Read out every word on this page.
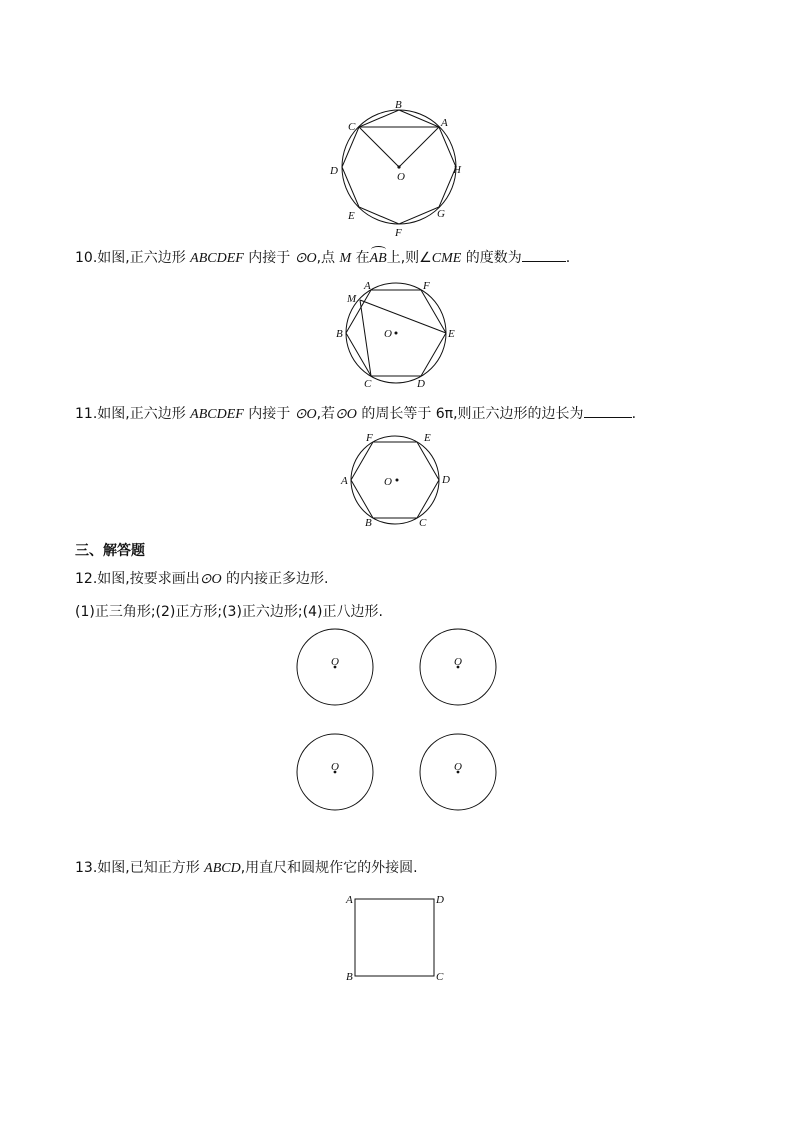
B
A
C
O
D	H
E	G
F
10.如图,正六边形 ABCDEF 内接于 ⊙O,点 M 在AB上,则∠CME 的度数为	.
A	F
M
B	O	E
C	D
11.如图,正六边形 ABCDEF 内接于 ⊙O,若⊙O 的周长等于 6π,则正六边形的边长为	.
F	E
A	O	D
B	C
三、解答题
12.如图,按要求画出⊙O 的内接正多边形.
(1)正三角形;(2)正方形;(3)正六边形;(4)正八边形.
O	O
O	O
13.如图,已知正方形 ABCD,用直尺和圆规作它的外接圆.
A	D
B	C
